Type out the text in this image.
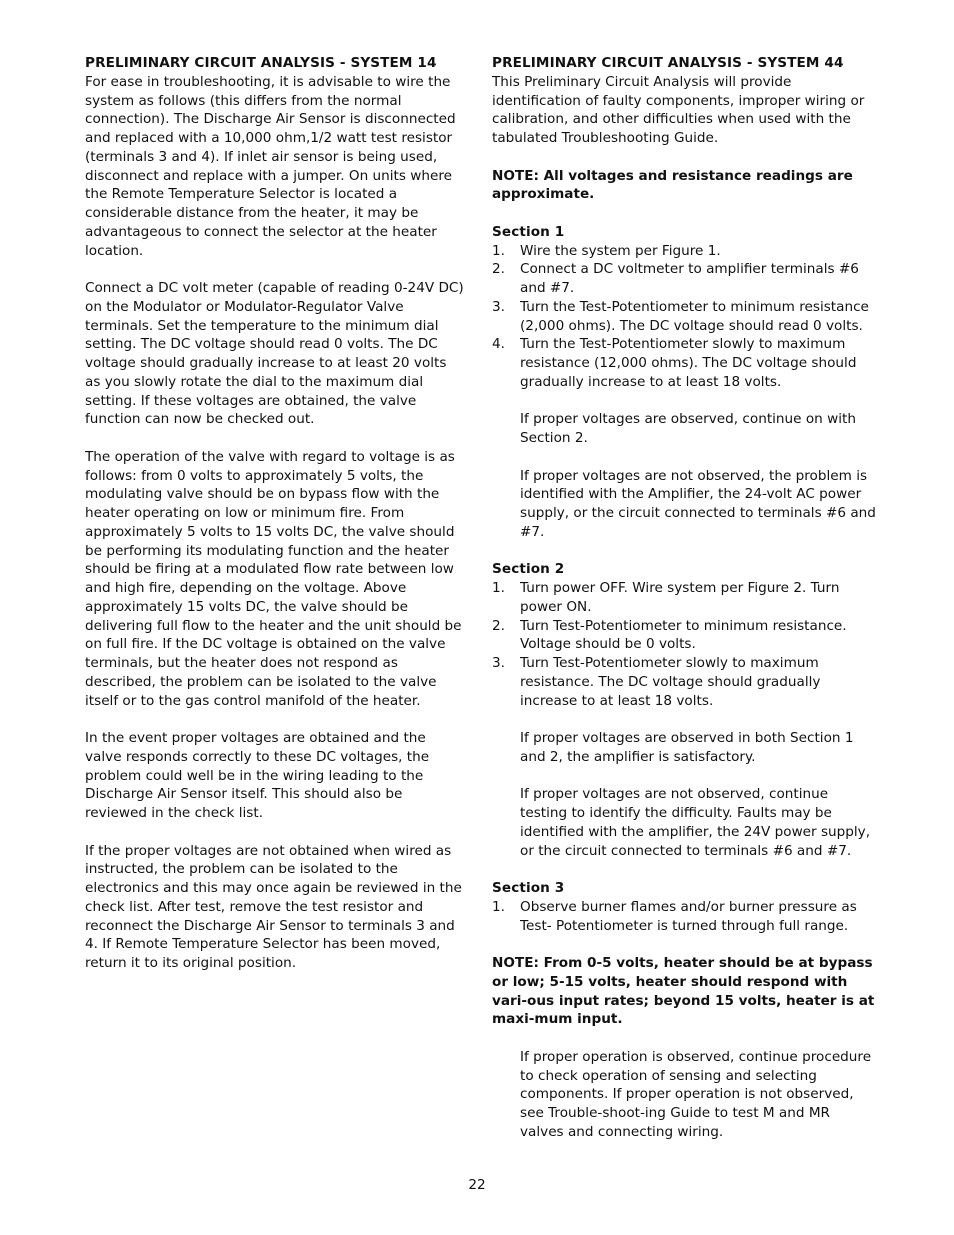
PRELIMINARY CIRCUIT ANALYSIS - SYSTEM 14

For ease in troubleshooting, it is advisable to wire the system as follows (this differs from the normal connection). The Discharge Air Sensor is disconnected and replaced with a 10,000 ohm,1/2 watt test resistor (terminals 3 and 4). If inlet air sensor is being used, disconnect and replace with a jumper. On units where the Remote Temperature Selector is located a considerable distance from the heater, it may be advantageous to connect the selector at the heater location.

Connect a DC volt meter (capable of reading 0-24V DC) on the Modulator or Modulator-Regulator Valve terminals. Set the temperature to the minimum dial setting. The DC voltage should read 0 volts. The DC voltage should gradually increase to at least 20 volts as you slowly rotate the dial to the maximum dial setting. If these voltages are obtained, the valve function can now be checked out.

The operation of the valve with regard to voltage is as follows: from 0 volts to approximately 5 volts, the modulating valve should be on bypass flow with the heater operating on low or minimum fire. From approximately 5 volts to 15 volts DC, the valve should be performing its modulating function and the heater should be firing at a modulated flow rate between low and high fire, depending on the voltage. Above approximately 15 volts DC, the valve should be delivering full flow to the heater and the unit should be on full fire. If the DC voltage is obtained on the valve terminals, but the heater does not respond as described, the problem can be isolated to the valve itself or to the gas control manifold of the heater.

In the event proper voltages are obtained and the valve responds correctly to these DC voltages, the problem could well be in the wiring leading to the Discharge Air Sensor itself. This should also be reviewed in the check list.

If the proper voltages are not obtained when wired as instructed, the problem can be isolated to the electronics and this may once again be reviewed in the check list. After test, remove the test resistor and reconnect the Discharge Air Sensor to terminals 3 and 4. If Remote Temperature Selector has been moved, return it to its original position.

PRELIMINARY CIRCUIT ANALYSIS - SYSTEM 44

This Preliminary Circuit Analysis will provide identification of faulty components, improper wiring or calibration, and other difficulties when used with the tabulated Troubleshooting Guide.

NOTE: All voltages and resistance readings are approximate.

Section 1
1. Wire the system per Figure 1.
2. Connect a DC voltmeter to amplifier terminals #6 and #7.
3. Turn the Test-Potentiometer to minimum resistance (2,000 ohms). The DC voltage should read 0 volts.
4. Turn the Test-Potentiometer slowly to maximum resistance (12,000 ohms). The DC voltage should gradually increase to at least 18 volts.

If proper voltages are observed, continue on with Section 2.

If proper voltages are not observed, the problem is identified with the Amplifier, the 24-volt AC power supply, or the circuit connected to terminals #6 and #7.

Section 2
1. Turn power OFF. Wire system per Figure 2. Turn power ON.
2. Turn Test-Potentiometer to minimum resistance. Voltage should be 0 volts.
3. Turn Test-Potentiometer slowly to maximum resistance. The DC voltage should gradually increase to at least 18 volts.

If proper voltages are observed in both Section 1 and 2, the amplifier is satisfactory.

If proper voltages are not observed, continue testing to identify the difficulty. Faults may be identified with the amplifier, the 24V power supply, or the circuit connected to terminals #6 and #7.

Section 3
1. Observe burner flames and/or burner pressure as Test- Potentiometer is turned through full range.

NOTE: From 0-5 volts, heater should be at bypass or low; 5-15 volts, heater should respond with vari-ous input rates; beyond 15 volts, heater is at maxi-mum input.

If proper operation is observed, continue procedure to check operation of sensing and selecting components. If proper operation is not observed, see Trouble-shoot-ing Guide to test M and MR valves and connecting wiring.

22
